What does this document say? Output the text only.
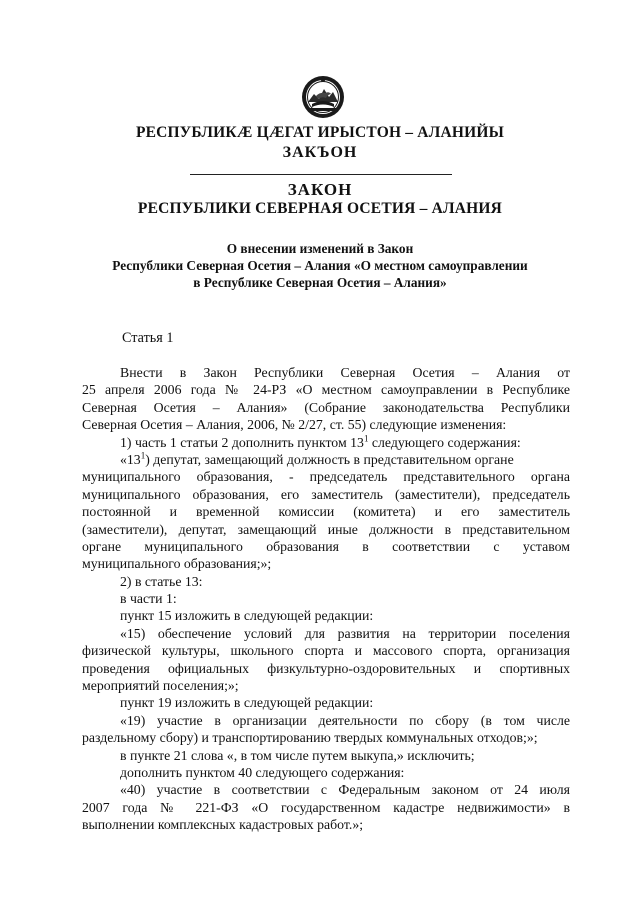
РЕСПУБЛИКÆ ЦÆГАТ ИРЫСТОН – АЛАНИЙЫ
ЗАКЪОН
ЗАКОН
РЕСПУБЛИКИ СЕВЕРНАЯ ОСЕТИЯ – АЛАНИЯ
О внесении изменений в Закон
Республики Северная Осетия – Алания «О местном самоуправлении
в Республике Северная Осетия – Алания»
Статья 1
Внести в Закон Республики Северная Осетия – Алания от
25 апреля 2006 года № 24-РЗ «О местном самоуправлении в Республике
Северная Осетия – Алания» (Собрание законодательства Республики
Северная Осетия – Алания, 2006, № 2/27, ст. 55) следующие изменения:
1) часть 1 статьи 2 дополнить пунктом $13^1$ следующего содержания:
«$13^1$) депутат, замещающий должность в представительном органе
муниципального образования, - председатель представительного органа
муниципального образования, его заместитель (заместители), председатель
постоянной и временной комиссии (комитета) и его заместитель
(заместители), депутат, замещающий иные должности в представительном
органе муниципального образования в соответствии с уставом
муниципального образования;»;
2) в статье 13:
в части 1:
пункт 15 изложить в следующей редакции:
«15) обеспечение условий для развития на территории поселения
физической культуры, школьного спорта и массового спорта, организация
проведения официальных физкультурно-оздоровительных и спортивных
мероприятий поселения;»;
пункт 19 изложить в следующей редакции:
«19) участие в организации деятельности по сбору (в том числе
раздельному сбору) и транспортированию твердых коммунальных отходов;»;
в пункте 21 слова «, в том числе путем выкупа,» исключить;
дополнить пунктом 40 следующего содержания:
«40) участие в соответствии с Федеральным законом от 24 июля
2007 года № 221-ФЗ «О государственном кадастре недвижимости» в
выполнении комплексных кадастровых работ.»;
